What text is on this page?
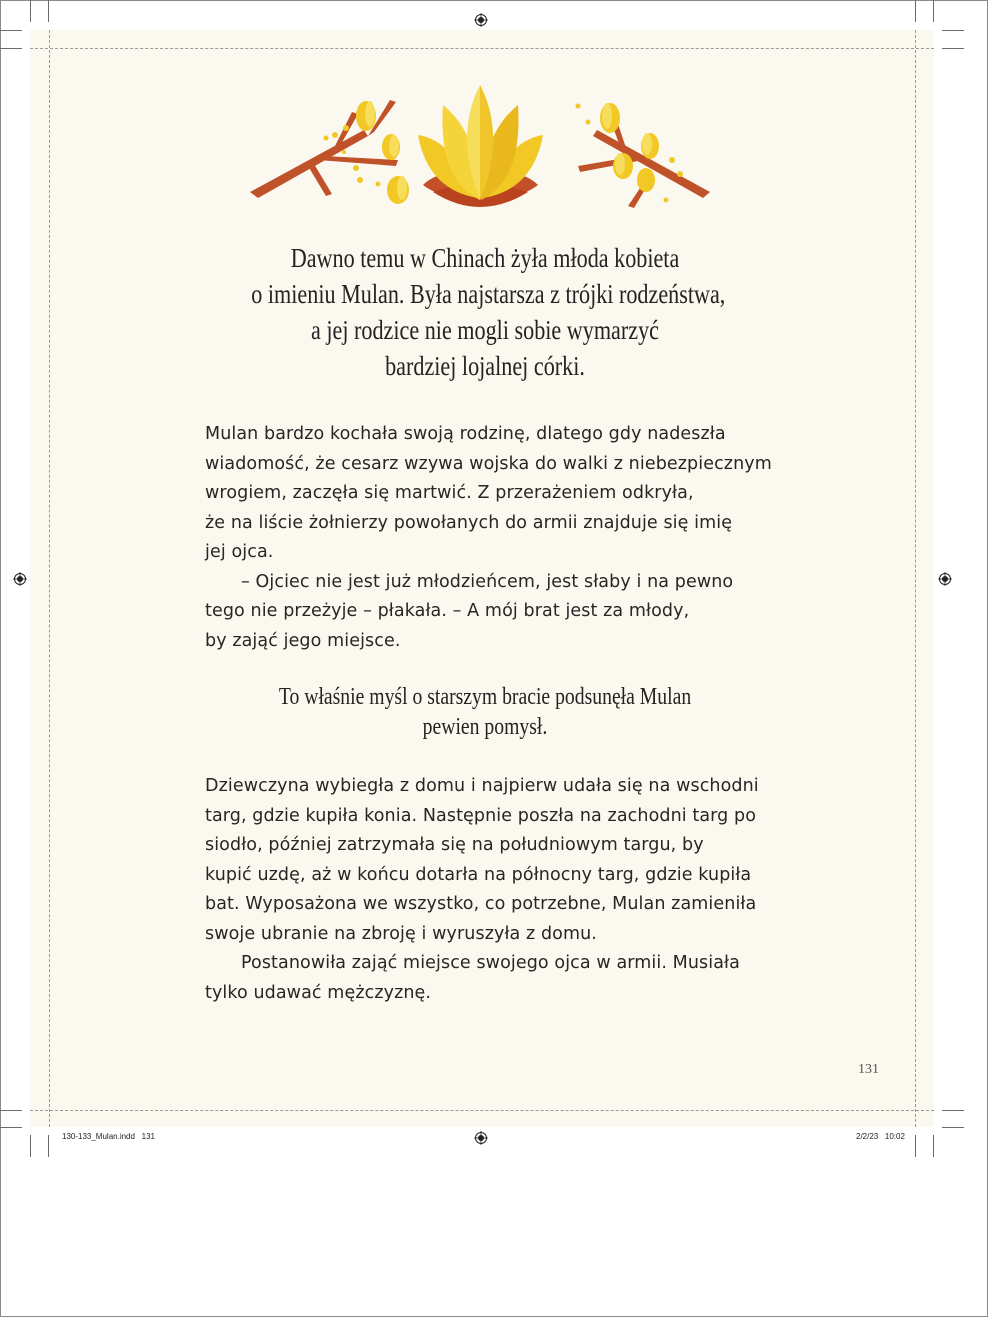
Dawno temu w Chinach żyła młoda kobieta
o imieniu Mulan. Była najstarsza z trójki rodzeństwa,
a jej rodzice nie mogli sobie wymarzyć
bardziej lojalnej córki.
Mulan bardzo kochała swoją rodzinę, dlatego gdy nadeszła
wiadomość, że cesarz wzywa wojska do walki z niebezpiecznym
wrogiem, zaczęła się martwić. Z przerażeniem odkryła,
że na liście żołnierzy powołanych do armii znajduje się imię
jej ojca.
– Ojciec nie jest już młodzieńcem, jest słaby i na pewno
tego nie przeżyje – płakała. – A mój brat jest za młody,
by zająć jego miejsce.
To właśnie myśl o starszym bracie podsunęła Mulan
pewien pomysł.
Dziewczyna wybiegła z domu i najpierw udała się na wschodni
targ, gdzie kupiła konia. Następnie poszła na zachodni targ po
siodło, później zatrzymała się na południowym targu, by
kupić uzdę, aż w końcu dotarła na północny targ, gdzie kupiła
bat. Wyposażona we wszystko, co potrzebne, Mulan zamieniła
swoje ubranie na zbroję i wyruszyła z domu.
Postanowiła zająć miejsce swojego ojca w armii. Musiała
tylko udawać mężczyznę.
131
130-133_Mulan.indd   131	2/2/23   10:02
